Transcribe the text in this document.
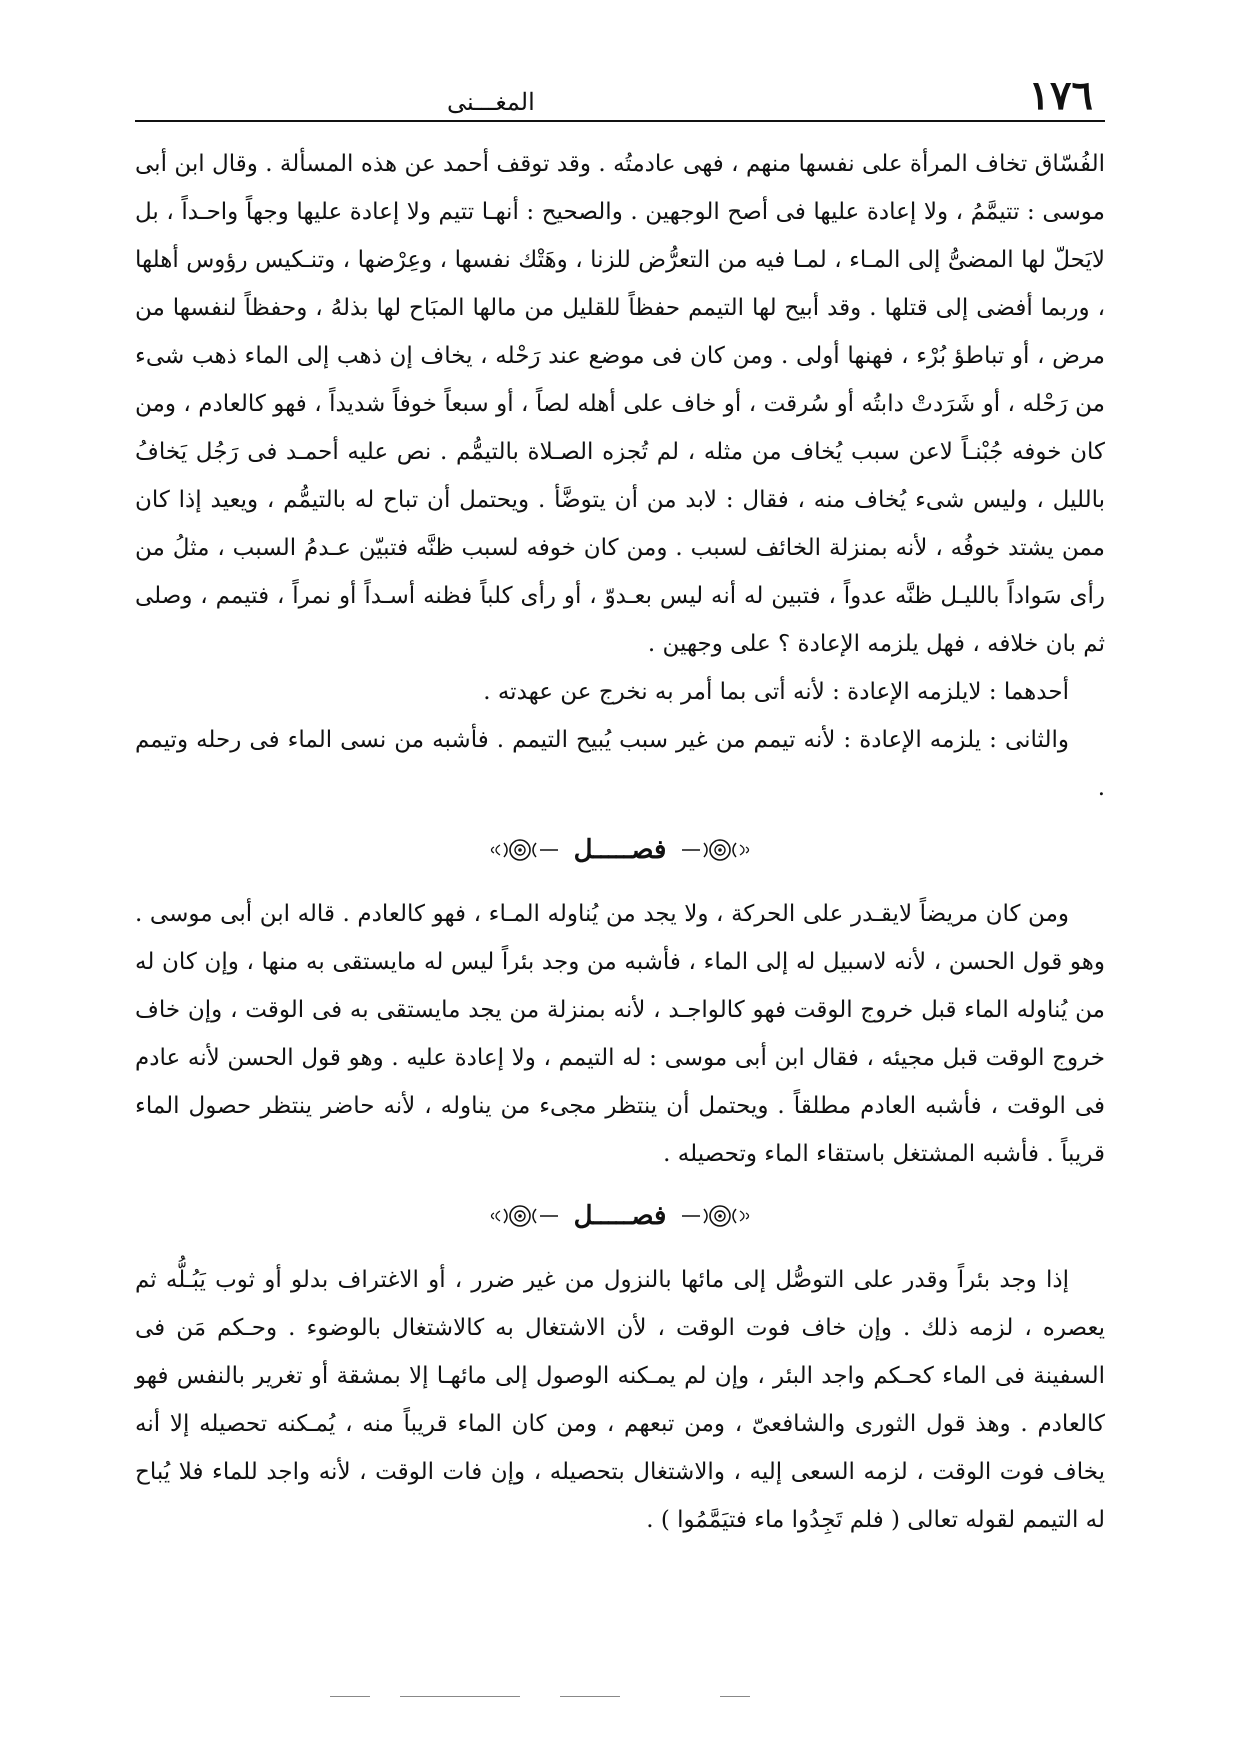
١٧٦
المغـــنى

الفُسّاق تخاف المرأة على نفسها منهم ، فهى عادمتُه . وقد توقف أحمد عن هذه المسألة . وقال ابن أبى موسى : تتيمَّمُ ، ولا إعادة عليها فى أصح الوجهين . والصحيح : أنهـا تتيم ولا إعادة عليها وجهاً واحـداً ، بل لايَحلّ لها المضىُّ إلى المـاء ، لمـا فيه من التعرُّض للزنا ، وهَتْك نفسها ، وعِرْضها ، وتنـكيس رؤوس أهلها ، وربما أفضى إلى قتلها . وقد أبيح لها التيمم حفظاً للقليل من مالها المبَاح لها بذلهُ ، وحفظاً لنفسها من مرض ، أو تباطؤ بُرْء ، فهنها أولى . ومن كان فى موضع عند رَحْله ، يخاف إن ذهب إلى الماء ذهب شىء من رَحْله ، أو شَرَدتْ دابتُه أو سُرقت ، أو خاف على أهله لصاً ، أو سبعاً خوفاً شديداً ، فهو كالعادم ، ومن كان خوفه جُبْنـاً لاعن سبب يُخاف من مثله ، لم تُجزه الصـلاة بالتيمُّم . نص عليه أحمـد فى رَجُل يَخافُ بالليل ، وليس شىء يُخاف منه ، فقال : لابد من أن يتوضَّأ . ويحتمل أن تباح له بالتيمُّم ، ويعيد إذا كان ممن يشتد خوفُه ، لأنه بمنزلة الخائف لسبب . ومن كان خوفه لسبب ظنَّه فتبيّن عـدمُ السبب ، مثلُ من رأى سَواداً بالليـل ظنَّه عدواً ، فتبين له أنه ليس بعـدوّ ، أو رأى كلباً فظنه أسـداً أو نمراً ، فتيمم ، وصلى ثم بان خلافه ، فهل يلزمه الإعادة ؟ على وجهين .

أحدهما : لايلزمه الإعادة : لأنه أتى بما أمر به نخرج عن عهدته .

والثانى : يلزمه الإعادة : لأنه تيمم من غير سبب يُبيح التيمم . فأشبه من نسى الماء فى رحله وتيمم .

فصـــــل

ومن كان مريضاً لايقـدر على الحركة ، ولا يجد من يُناوله المـاء ، فهو كالعادم . قاله ابن أبى موسى . وهو قول الحسن ، لأنه لاسبيل له إلى الماء ، فأشبه من وجد بئراً ليس له مايستقى به منها ، وإن كان له من يُناوله الماء قبل خروج الوقت فهو كالواجـد ، لأنه بمنزلة من يجد مايستقى به فى الوقت ، وإن خاف خروج الوقت قبل مجيئه ، فقال ابن أبى موسى : له التيمم ، ولا إعادة عليه . وهو قول الحسن لأنه عادم فى الوقت ، فأشبه العادم مطلقاً . ويحتمل أن ينتظر مجىء من يناوله ، لأنه حاضر ينتظر حصول الماء قريباً . فأشبه المشتغل باستقاء الماء وتحصيله .

فصـــــل

إذا وجد بئراً وقدر على التوصُّل إلى مائها بالنزول من غير ضرر ، أو الاغتراف بدلو أو ثوب يَبُـلُّه ثم يعصره ، لزمه ذلك . وإن خاف فوت الوقت ، لأن الاشتغال به كالاشتغال بالوضوء . وحـكم مَن فى السفينة فى الماء كحـكم واجد البئر ، وإن لم يمـكنه الوصول إلى مائهـا إلا بمشقة أو تغرير بالنفس فهو كالعادم . وهذ قول الثورى والشافعىّ ، ومن تبعهم ، ومن كان الماء قريباً منه ، يُمـكنه تحصيله إلا أنه يخاف فوت الوقت ، لزمه السعى إليه ، والاشتغال بتحصيله ، وإن فات الوقت ، لأنه واجد للماء فلا يُباح له التيمم لقوله تعالى ( فلم تَجِدُوا ماء فتيَمَّمُوا ) .
